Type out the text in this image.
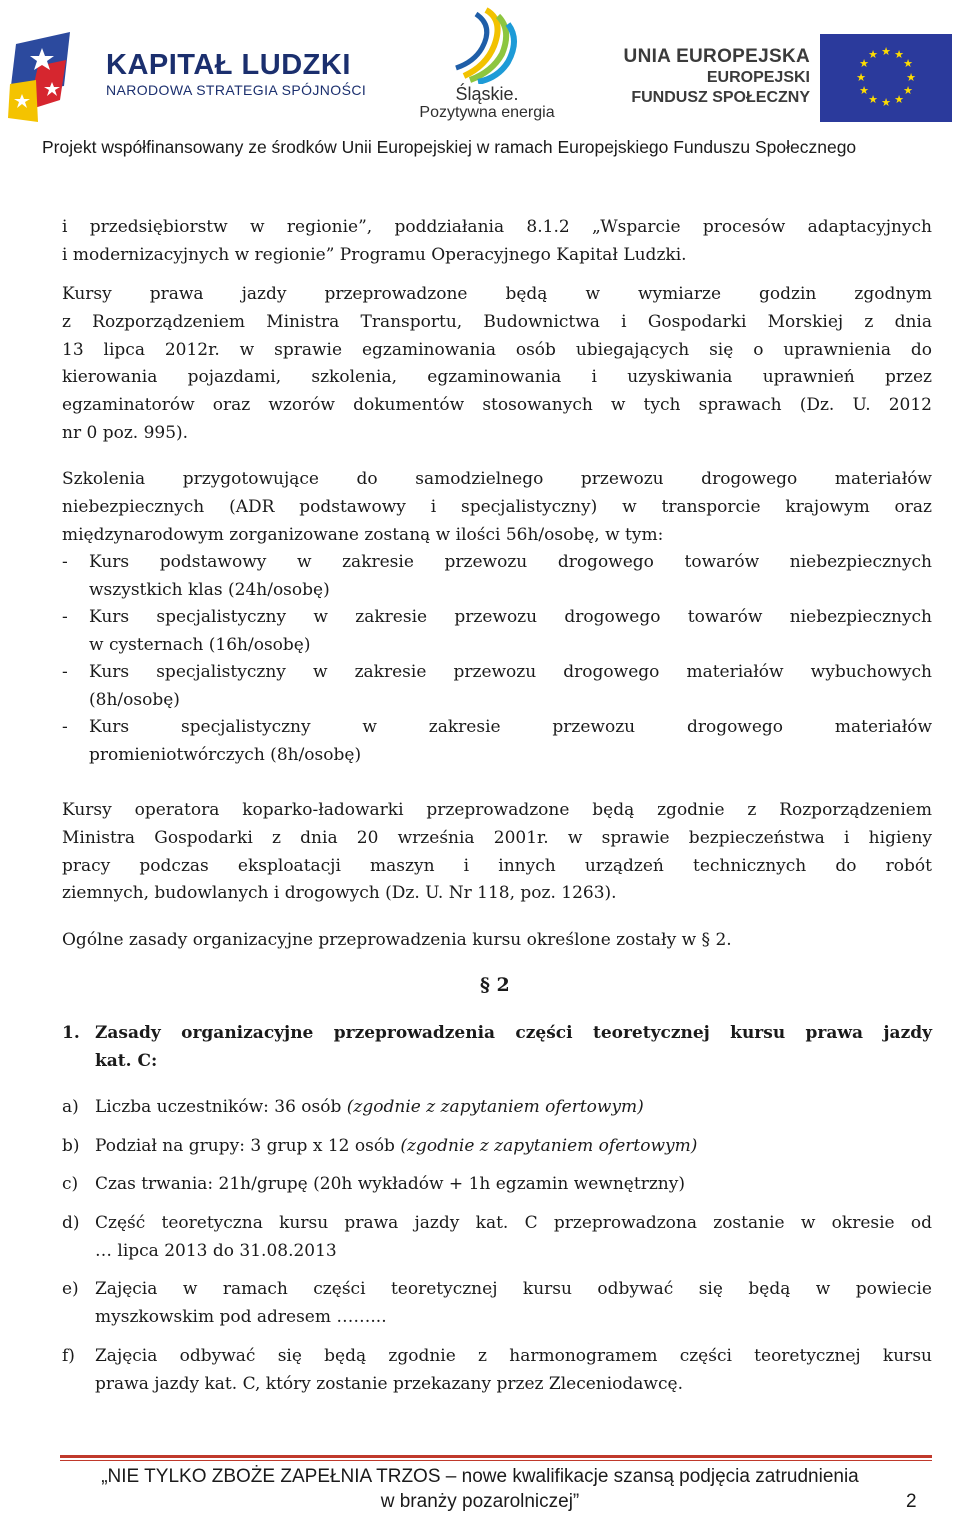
KAPITAŁ LUDZKI
NARODOWA STRATEGIA SPÓJNOŚCI	Śląskie.
Pozytywna energia
UNIA EUROPEJSKA
EUROPEJSKI
FUNDUSZ SPOŁECZNY
★ ★
★
★
★
★
★
★
★
★
★
★
Projekt współfinansowany ze środków Unii Europejskiej w ramach Europejskiego Funduszu Społecznego
i przedsiębiorstw w regionie”, poddziałania 8.1.2 „Wsparcie procesów adaptacyjnych
i modernizacyjnych w regionie” Programu Operacyjnego Kapitał Ludzki.
Kursy prawa jazdy przeprowadzone będą w wymiarze godzin zgodnym
z Rozporządzeniem Ministra Transportu, Budownictwa i Gospodarki Morskiej z dnia
13 lipca 2012r. w sprawie egzaminowania osób ubiegających się o uprawnienia do
kierowania pojazdami, szkolenia, egzaminowania i uzyskiwania uprawnień przez
egzaminatorów oraz wzorów dokumentów stosowanych w tych sprawach (Dz. U. 2012
nr 0 poz. 995).
Szkolenia przygotowujące do samodzielnego przewozu drogowego materiałów
niebezpiecznych (ADR podstawowy i specjalistyczny) w transporcie krajowym oraz
międzynarodowym zorganizowane zostaną w ilości 56h/osobę, w tym:
- Kurs podstawowy w zakresie przewozu drogowego towarów niebezpiecznych
wszystkich klas (24h/osobę)
- Kurs specjalistyczny w zakresie przewozu drogowego towarów niebezpiecznych
w cysternach (16h/osobę)
- Kurs specjalistyczny w zakresie przewozu drogowego materiałów wybuchowych
(8h/osobę)
- Kurs specjalistyczny w zakresie przewozu drogowego materiałów
promieniotwórczych (8h/osobę)
Kursy operatora koparko-ładowarki przeprowadzone będą zgodnie z Rozporządzeniem
Ministra Gospodarki z dnia 20 września 2001r. w sprawie bezpieczeństwa i higieny
pracy podczas eksploatacji maszyn i innych urządzeń technicznych do robót
ziemnych, budowlanych i drogowych (Dz. U. Nr 118, poz. 1263).
Ogólne zasady organizacyjne przeprowadzenia kursu określone zostały w § 2.
§ 2
1. Zasady organizacyjne przeprowadzenia części teoretycznej kursu prawa jazdy
kat. C:
a) Liczba uczestników: 36 osób (zgodnie z zapytaniem ofertowym)
b) Podział na grupy: 3 grup x 12 osób (zgodnie z zapytaniem ofertowym)
c) Czas trwania: 21h/grupę (20h wykładów + 1h egzamin wewnętrzny)
d) Część teoretyczna kursu prawa jazdy kat. C przeprowadzona zostanie w okresie od
… lipca 2013 do 31.08.2013
e) Zajęcia w ramach części teoretycznej kursu odbywać się będą w powiecie
myszkowskim pod adresem ……...
f) Zajęcia odbywać się będą zgodnie z harmonogramem części teoretycznej kursu
prawa jazdy kat. C, który zostanie przekazany przez Zleceniodawcę.
„NIE TYLKO ZBOŻE ZAPEŁNIA TRZOS – nowe kwalifikacje szansą podjęcia zatrudnienia
w branży pozarolniczej”	2
